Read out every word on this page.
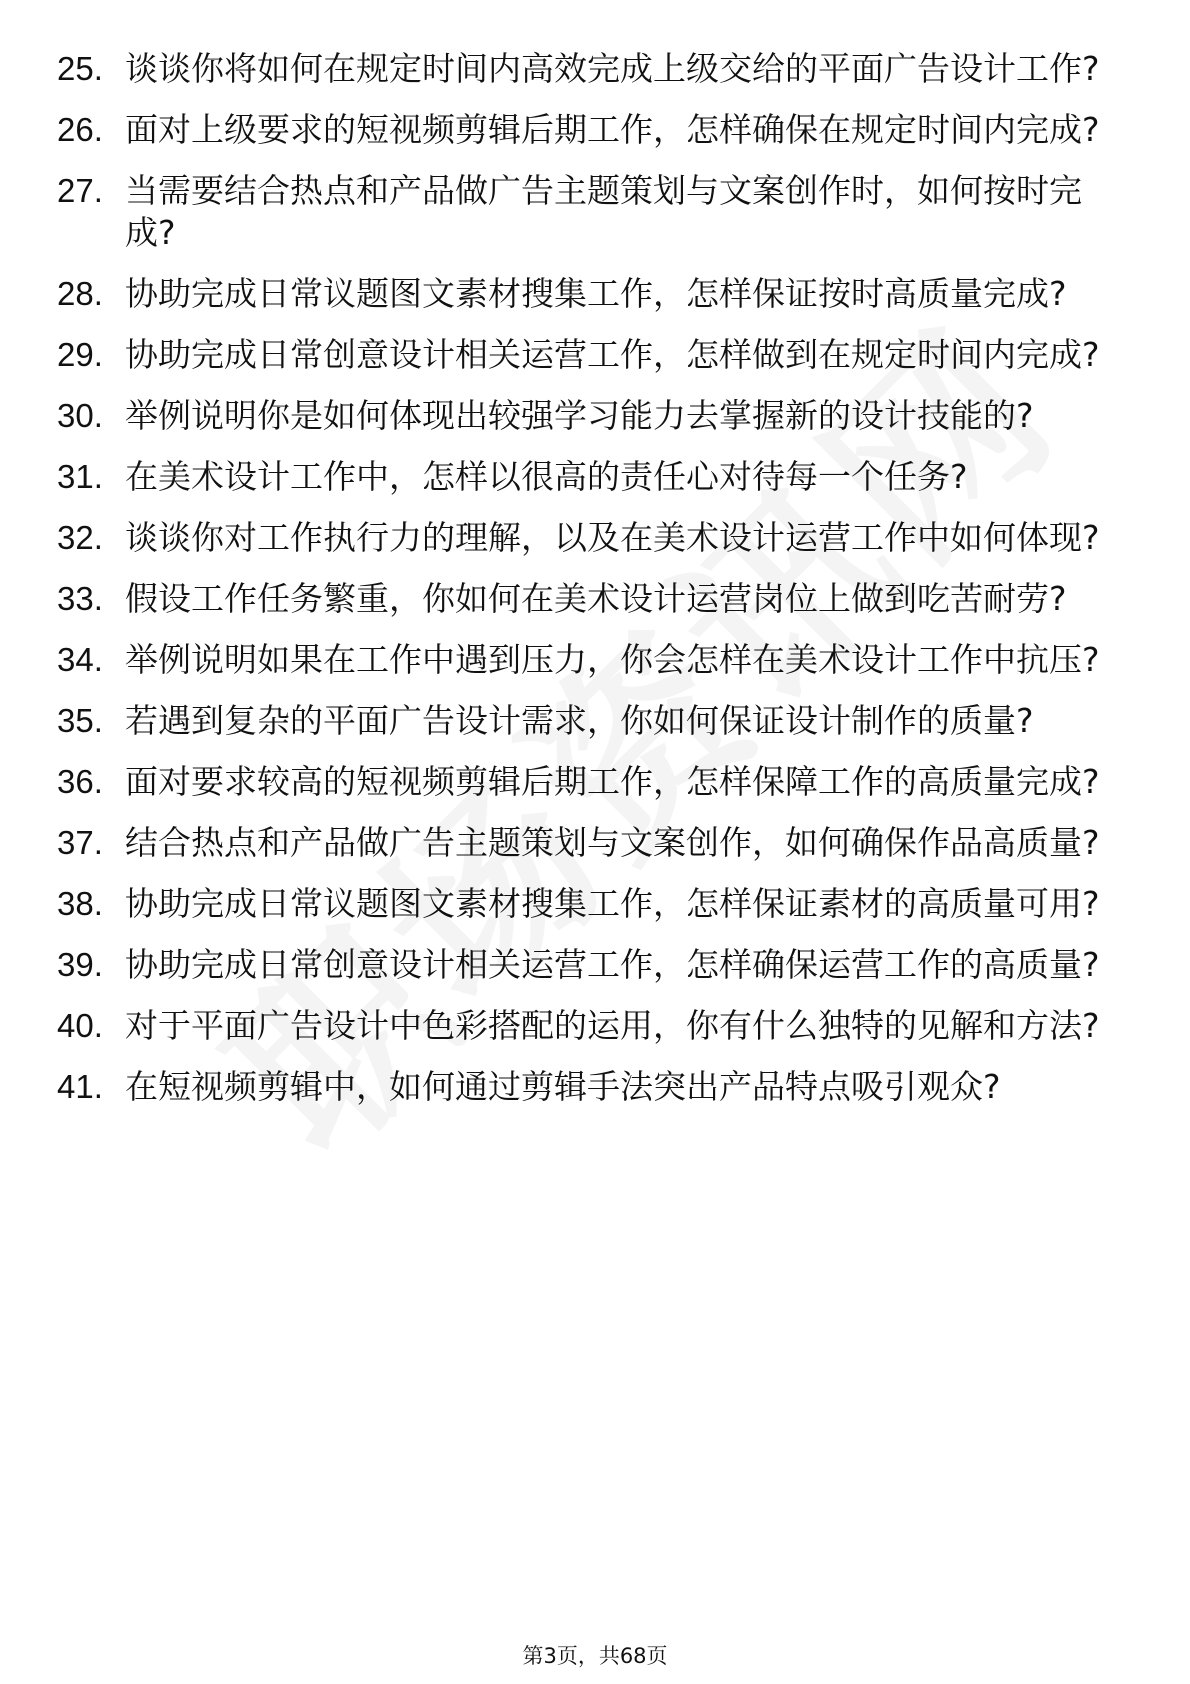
25. 谈谈你将如何在规定时间内高效完成上级交给的平面广告设计工作?
26. 面对上级要求的短视频剪辑后期工作，怎样确保在规定时间内完成?
27. 当需要结合热点和产品做广告主题策划与文案创作时，如何按时完成?
28. 协助完成日常议题图文素材搜集工作，怎样保证按时高质量完成?
29. 协助完成日常创意设计相关运营工作，怎样做到在规定时间内完成?
30. 举例说明你是如何体现出较强学习能力去掌握新的设计技能的?
31. 在美术设计工作中，怎样以很高的责任心对待每一个任务?
32. 谈谈你对工作执行力的理解，以及在美术设计运营工作中如何体现?
33. 假设工作任务繁重，你如何在美术设计运营岗位上做到吃苦耐劳?
34. 举例说明如果在工作中遇到压力，你会怎样在美术设计工作中抗压?
35. 若遇到复杂的平面广告设计需求，你如何保证设计制作的质量?
36. 面对要求较高的短视频剪辑后期工作，怎样保障工作的高质量完成?
37. 结合热点和产品做广告主题策划与文案创作，如何确保作品高质量?
38. 协助完成日常议题图文素材搜集工作，怎样保证素材的高质量可用?
39. 协助完成日常创意设计相关运营工作，怎样确保运营工作的高质量?
40. 对于平面广告设计中色彩搭配的运用，你有什么独特的见解和方法?
41. 在短视频剪辑中，如何通过剪辑手法突出产品特点吸引观众?
第3页，共68页
